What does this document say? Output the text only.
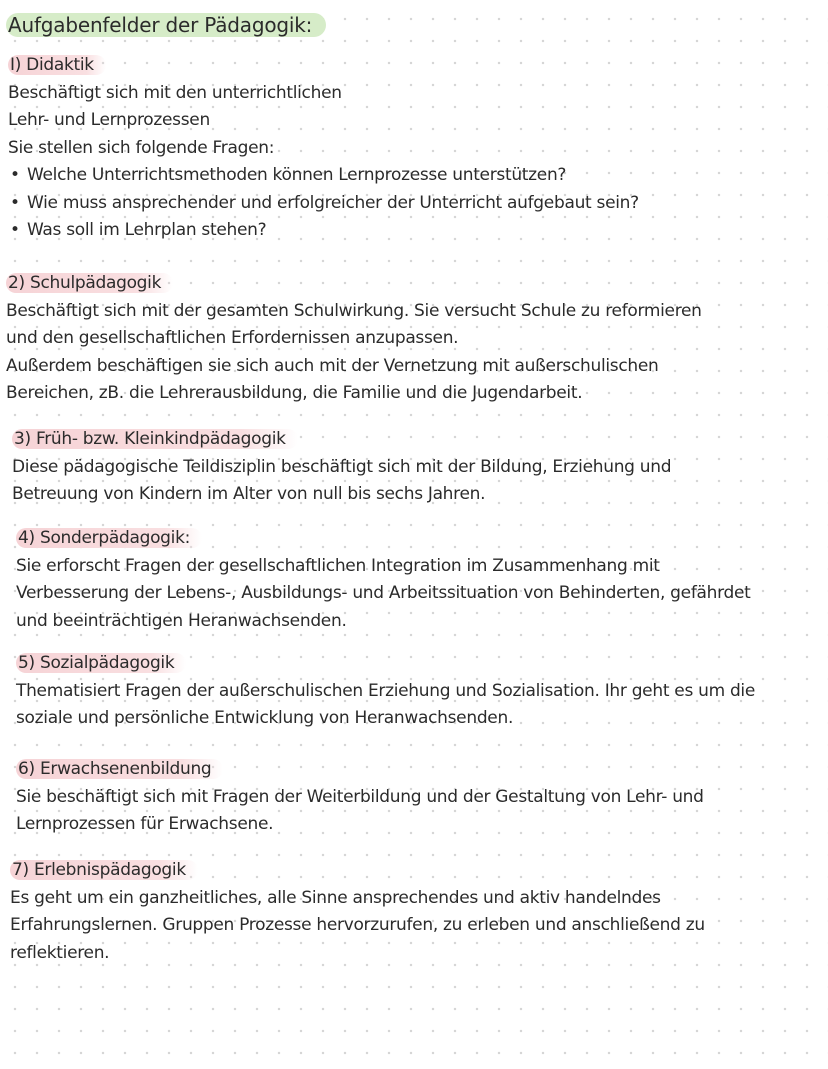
Aufgabenfelder der Pädagogik:
I) Didaktik
Beschäftigt sich mit den unterrichtlichen
Lehr- und Lernprozessen
Sie stellen sich folgende Fragen:
• Welche Unterrichtsmethoden können Lernprozesse unterstützen?
• Wie muss ansprechender und erfolgreicher der Unterricht aufgebaut sein?
• Was soll im Lehrplan stehen?
2) Schulpädagogik
Beschäftigt sich mit der gesamten Schulwirkung. Sie versucht Schule zu reformieren
und den gesellschaftlichen Erfordernissen anzupassen.
Außerdem beschäftigen sie sich auch mit der Vernetzung mit außerschulischen
Bereichen, zB. die Lehrerausbildung, die Familie und die Jugendarbeit.
3) Früh- bzw. Kleinkindpädagogik
Diese pädagogische Teildisziplin beschäftigt sich mit der Bildung, Erziehung und
Betreuung von Kindern im Alter von null bis sechs Jahren.
4) Sonderpädagogik:
Sie erforscht Fragen der gesellschaftlichen Integration im Zusammenhang mit
Verbesserung der Lebens-, Ausbildungs- und Arbeitssituation von Behinderten, gefährdet
und beeinträchtigen Heranwachsenden.
5) Sozialpädagogik
Thematisiert Fragen der außerschulischen Erziehung und Sozialisation. Ihr geht es um die
soziale und persönliche Entwicklung von Heranwachsenden.
6) Erwachsenenbildung
Sie beschäftigt sich mit Fragen der Weiterbildung und der Gestaltung von Lehr- und
Lernprozessen für Erwachsene.
7) Erlebnispädagogik
Es geht um ein ganzheitliches, alle Sinne ansprechendes und aktiv handelndes
Erfahrungslernen. Gruppen Prozesse hervorzurufen, zu erleben und anschließend zu
reflektieren.
